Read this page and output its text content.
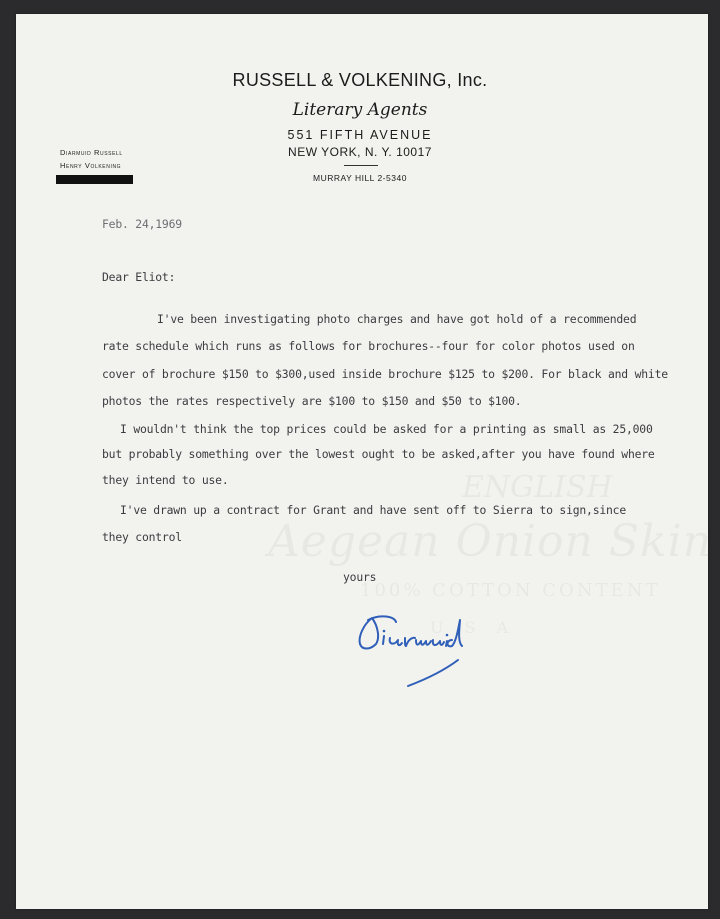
RUSSELL & VOLKENING, Inc.
Literary Agents
551 FIFTH AVENUE
NEW YORK, N. Y. 10017
MURRAY HILL 2-5340
Diarmuid Russell
Henry Volkening
Feb. 24,1969
Dear Eliot:
I've been investigating photo charges and have got hold of a recommended
rate schedule which runs as follows for brochures--four for color photos used on
cover of brochure $150 to $300,used inside brochure $125 to $200. For black and white
photos the rates respectively are $100 to $150 and $50 to $100.
I wouldn't think the top prices could be asked for a printing as small as 25,000
but probably something over the lowest ought to be asked,after you have found where
they intend to use.
I've drawn up a contract for Grant and have sent off to Sierra to sign,since
they control
yours
